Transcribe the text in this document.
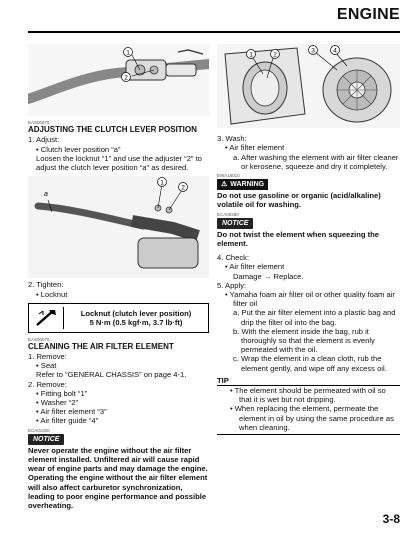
ENGINE
1
2
EAS00075
ADJUSTING THE CLUTCH LEVER POSITION
1. Adjust:
• Clutch lever position “a”
Loosen the locknut “1” and use the adjuster “2” to adjust the clutch lever position “a” as desired.
a
1
2
2. Tighten:
• Locknut
Locknut (clutch lever position)
5 N·m (0.5 kgf·m, 3.7 lb·ft)
EAS00076
CLEANING THE AIR FILTER ELEMENT
1. Remove:
• Seat
Refer to “GENERAL CHASSIS” on page 4-1.
2. Remove:
• Fitting bolt “1”
• Washer “2”
• Air filter element “3”
• Air filter guide “4”
ECA01400
NOTICE
Never operate the engine without the air filter element installed. Unfiltered air will cause rapid wear of engine parts and may damage the engine. Operating the engine without the air filter element will also affect carburetor synchronization, leading to poor engine performance and possible overheating.
1	2
3	4
3. Wash:
• Air filter element
a. After washing the element with air filter cleaner or kerosene, squeeze and dry it completely.
EWA18010
⚠ WARNING
Do not use gasoline or organic (acid/alkaline) volatile oil for washing.
ECA00280
NOTICE
Do not twist the element when squeezing the element.
4. Check:
• Air filter element
Damage → Replace.
5. Apply:
• Yamaha foam air filter oil or other quality foam air filter oil
a. Put the air filter element into a plastic bag and drip the filter oil into the bag.
b. With the element inside the bag, rub it thoroughly so that the element is evenly permeated with the oil.
c. Wrap the element in a clean cloth, rub the element gently, and wipe off any excess oil.
TIP
• The element should be permeated with oil so that it is wet but not dripping.
• When replacing the element, permeate the element in oil by using the same procedure as when cleaning.
3-8
